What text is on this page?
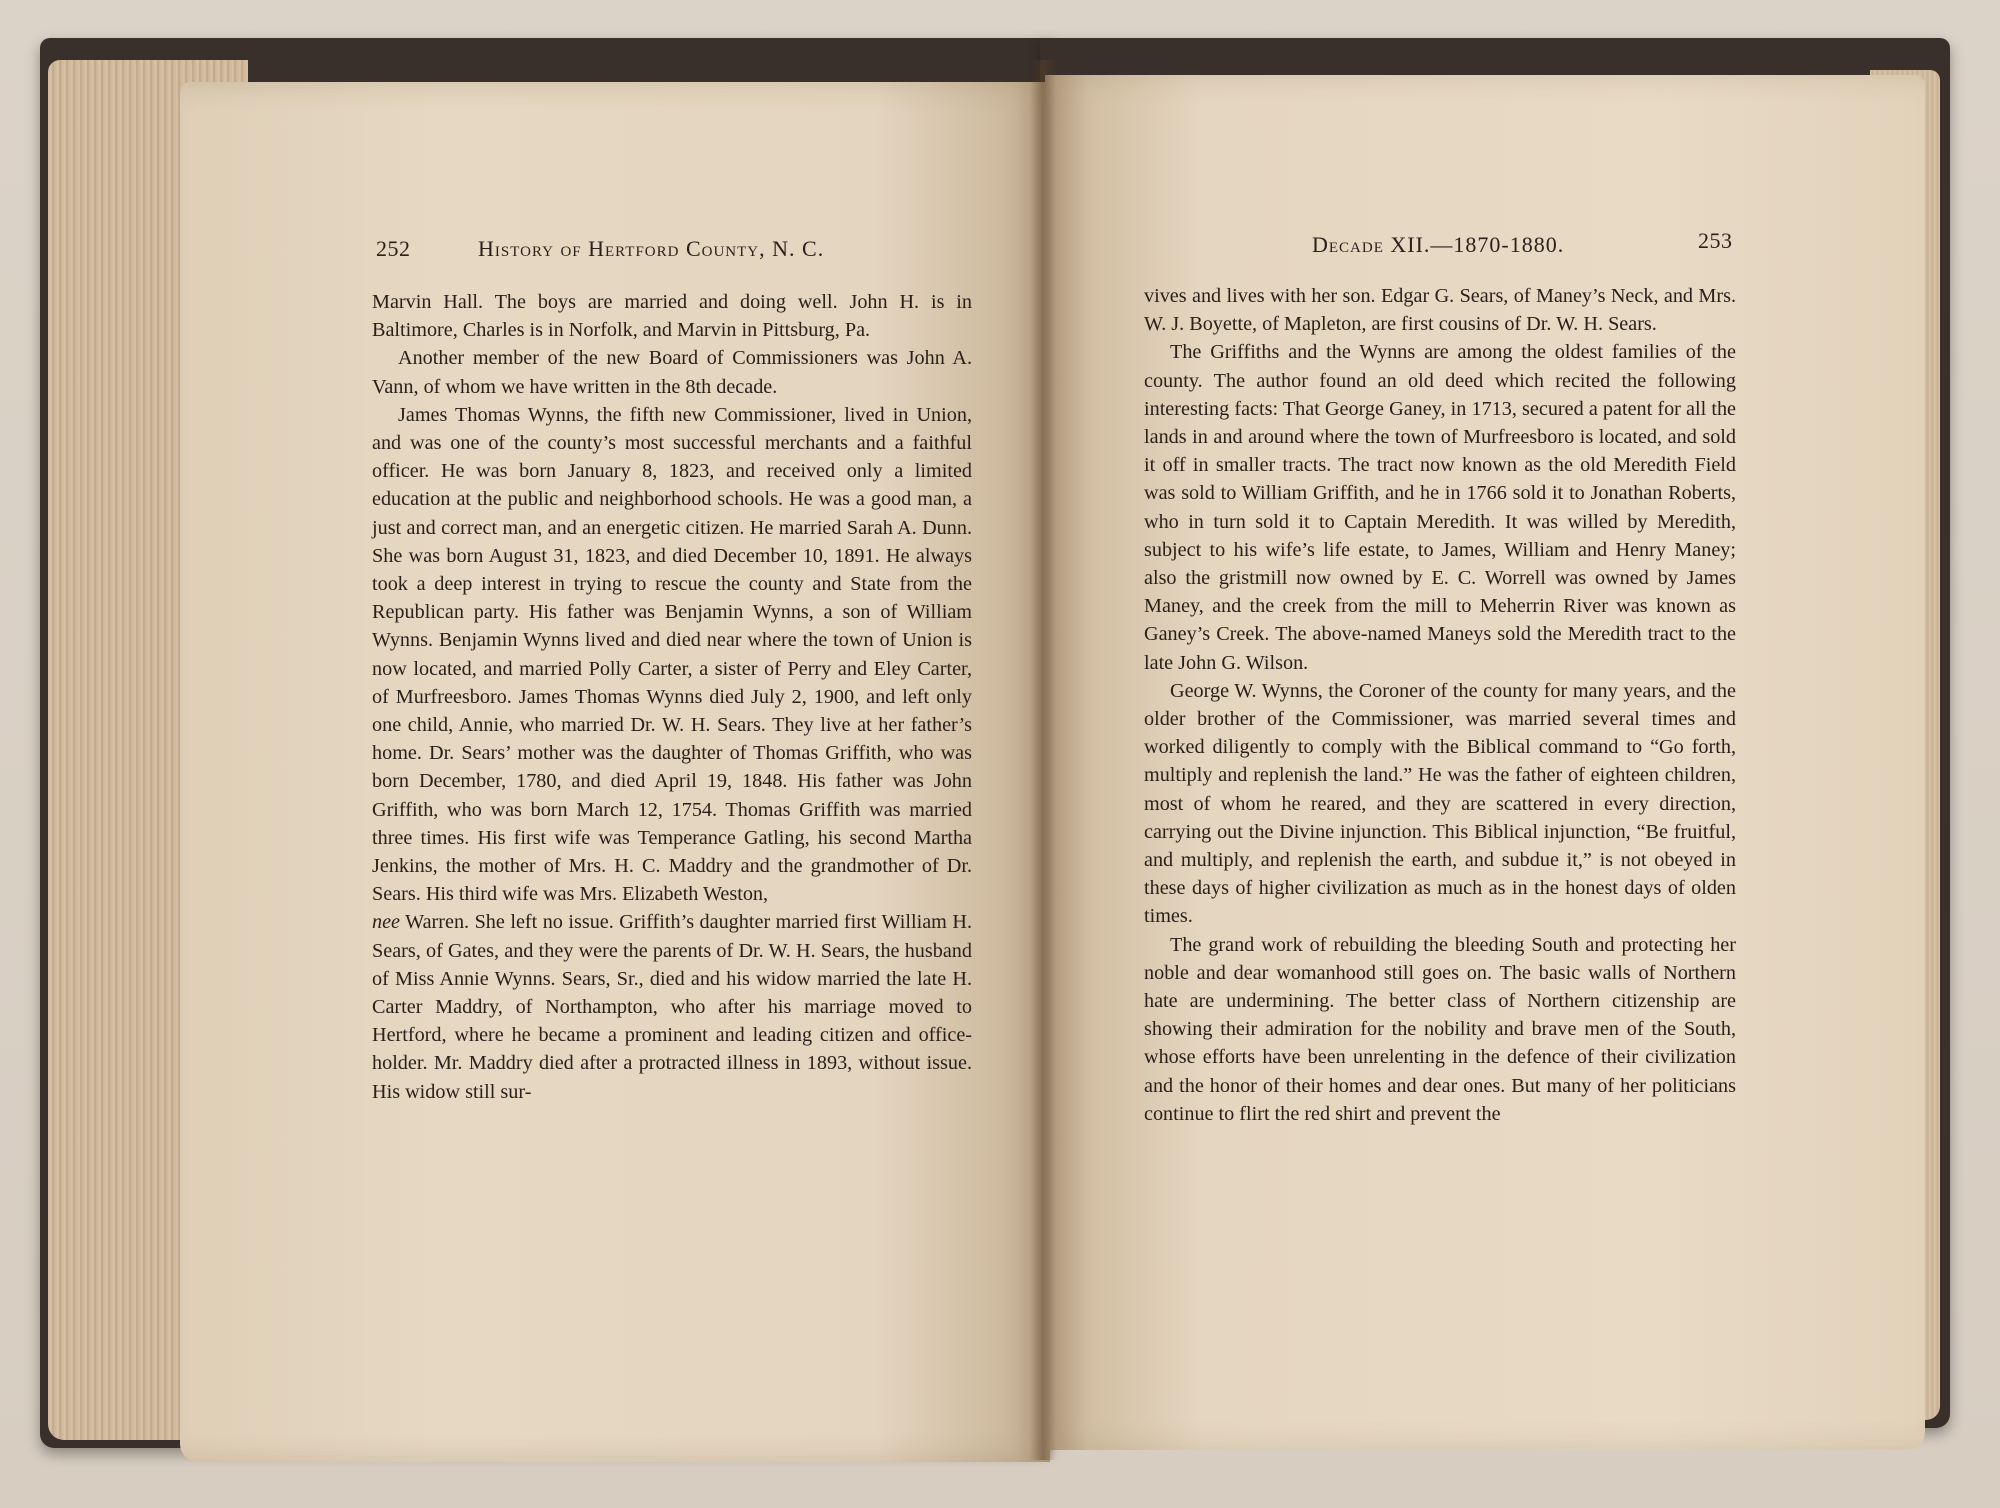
252	History of Hertford County, N. C.

Marvin Hall. The boys are married and doing well. John H. is in Baltimore, Charles is in Norfolk, and Marvin in Pittsburg, Pa.

Another member of the new Board of Commissioners was John A. Vann, of whom we have written in the 8th decade.

James Thomas Wynns, the fifth new Commissioner, lived in Union, and was one of the county’s most successful merchants and a faithful officer. He was born January 8, 1823, and received only a limited education at the public and neighborhood schools. He was a good man, a just and correct man, and an energetic citizen. He married Sarah A. Dunn. She was born August 31, 1823, and died December 10, 1891. He always took a deep interest in trying to rescue the county and State from the Republican party. His father was Benjamin Wynns, a son of William Wynns. Benjamin Wynns lived and died near where the town of Union is now located, and married Polly Carter, a sister of Perry and Eley Carter, of Murfreesboro. James Thomas Wynns died July 2, 1900, and left only one child, Annie, who married Dr. W. H. Sears. They live at her father’s home. Dr. Sears’ mother was the daughter of Thomas Griffith, who was born December, 1780, and died April 19, 1848. His father was John Griffith, who was born March 12, 1754. Thomas Griffith was married three times. His first wife was Temperance Gatling, his second Martha Jenkins, the mother of Mrs. H. C. Maddry and the grandmother of Dr. Sears. His third wife was Mrs. Elizabeth Weston,

nee Warren. She left no issue. Griffith’s daughter married first William H. Sears, of Gates, and they were the parents of Dr. W. H. Sears, the husband of Miss Annie Wynns. Sears, Sr., died and his widow married the late H. Carter Maddry, of Northampton, who after his marriage moved to Hertford, where he became a prominent and leading citizen and office-holder. Mr. Maddry died after a protracted illness in 1893, without issue. His widow still sur-

Decade XII.—1870-1880.	253

vives and lives with her son. Edgar G. Sears, of Maney’s Neck, and Mrs. W. J. Boyette, of Mapleton, are first cousins of Dr. W. H. Sears.

The Griffiths and the Wynns are among the oldest families of the county. The author found an old deed which recited the following interesting facts: That George Ganey, in 1713, secured a patent for all the lands in and around where the town of Murfreesboro is located, and sold it off in smaller tracts. The tract now known as the old Meredith Field was sold to William Griffith, and he in 1766 sold it to Jonathan Roberts, who in turn sold it to Captain Meredith. It was willed by Meredith, subject to his wife’s life estate, to James, William and Henry Maney; also the gristmill now owned by E. C. Worrell was owned by James Maney, and the creek from the mill to Meherrin River was known as Ganey’s Creek. The above-named Maneys sold the Meredith tract to the late John G. Wilson.

George W. Wynns, the Coroner of the county for many years, and the older brother of the Commissioner, was married several times and worked diligently to comply with the Biblical command to “Go forth, multiply and replenish the land.” He was the father of eighteen children, most of whom he reared, and they are scattered in every direction, carrying out the Divine injunction. This Biblical injunction, “Be fruitful, and multiply, and replenish the earth, and subdue it,” is not obeyed in these days of higher civilization as much as in the honest days of olden times.

The grand work of rebuilding the bleeding South and protecting her noble and dear womanhood still goes on. The basic walls of Northern hate are undermining. The better class of Northern citizenship are showing their admiration for the nobility and brave men of the South, whose efforts have been unrelenting in the defence of their civilization and the honor of their homes and dear ones. But many of her politicians continue to flirt the red shirt and prevent the
